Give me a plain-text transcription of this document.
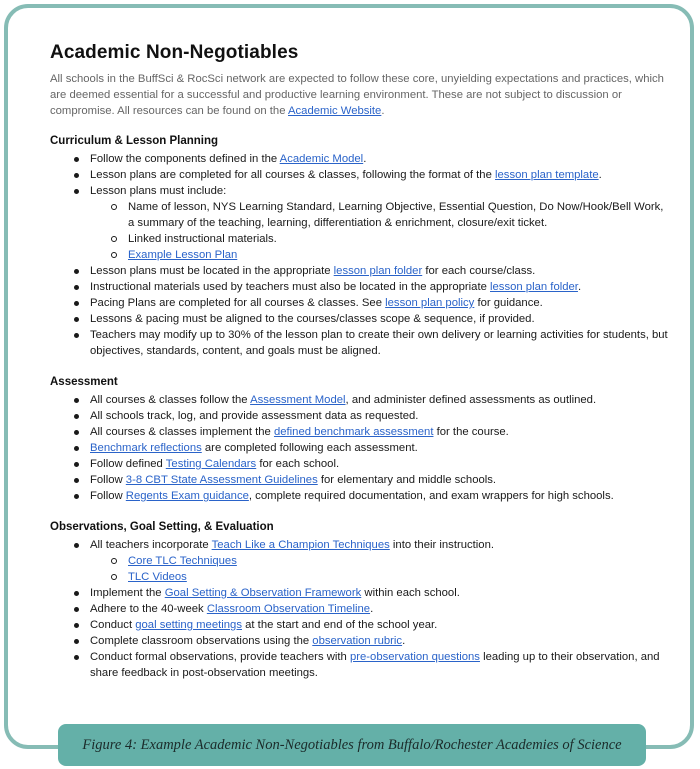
Academic Non-Negotiables

All schools in the BuffSci & RocSci network are expected to follow these core, unyielding expectations and practices, which are deemed essential for a successful and productive learning environment. These are not subject to discussion or compromise. All resources can be found on the Academic Website.

Curriculum & Lesson Planning
Follow the components defined in the Academic Model.
Lesson plans are completed for all courses & classes, following the format of the lesson plan template.
Lesson plans must include:
Name of lesson, NYS Learning Standard, Learning Objective, Essential Question, Do Now/Hook/Bell Work, a summary of the teaching, learning, differentiation & enrichment, closure/exit ticket.
Linked instructional materials.
Example Lesson Plan
Lesson plans must be located in the appropriate lesson plan folder for each course/class.
Instructional materials used by teachers must also be located in the appropriate lesson plan folder.
Pacing Plans are completed for all courses & classes. See lesson plan policy for guidance.
Lessons & pacing must be aligned to the courses/classes scope & sequence, if provided.
Teachers may modify up to 30% of the lesson plan to create their own delivery or learning activities for students, but objectives, standards, content, and goals must be aligned.
Assessment
All courses & classes follow the Assessment Model, and administer defined assessments as outlined.
All schools track, log, and provide assessment data as requested.
All courses & classes implement the defined benchmark assessment for the course.
Benchmark reflections are completed following each assessment.
Follow defined Testing Calendars for each school.
Follow 3-8 CBT State Assessment Guidelines for elementary and middle schools.
Follow Regents Exam guidance, complete required documentation, and exam wrappers for high schools.
Observations, Goal Setting, & Evaluation
All teachers incorporate Teach Like a Champion Techniques into their instruction.
Core TLC Techniques
TLC Videos
Implement the Goal Setting & Observation Framework within each school.
Adhere to the 40-week Classroom Observation Timeline.
Conduct goal setting meetings at the start and end of the school year.
Complete classroom observations using the observation rubric.
Conduct formal observations, provide teachers with pre-observation questions leading up to their observation, and share feedback in post-observation meetings.
Figure 4: Example Academic Non-Negotiables from Buffalo/Rochester Academies of Science
